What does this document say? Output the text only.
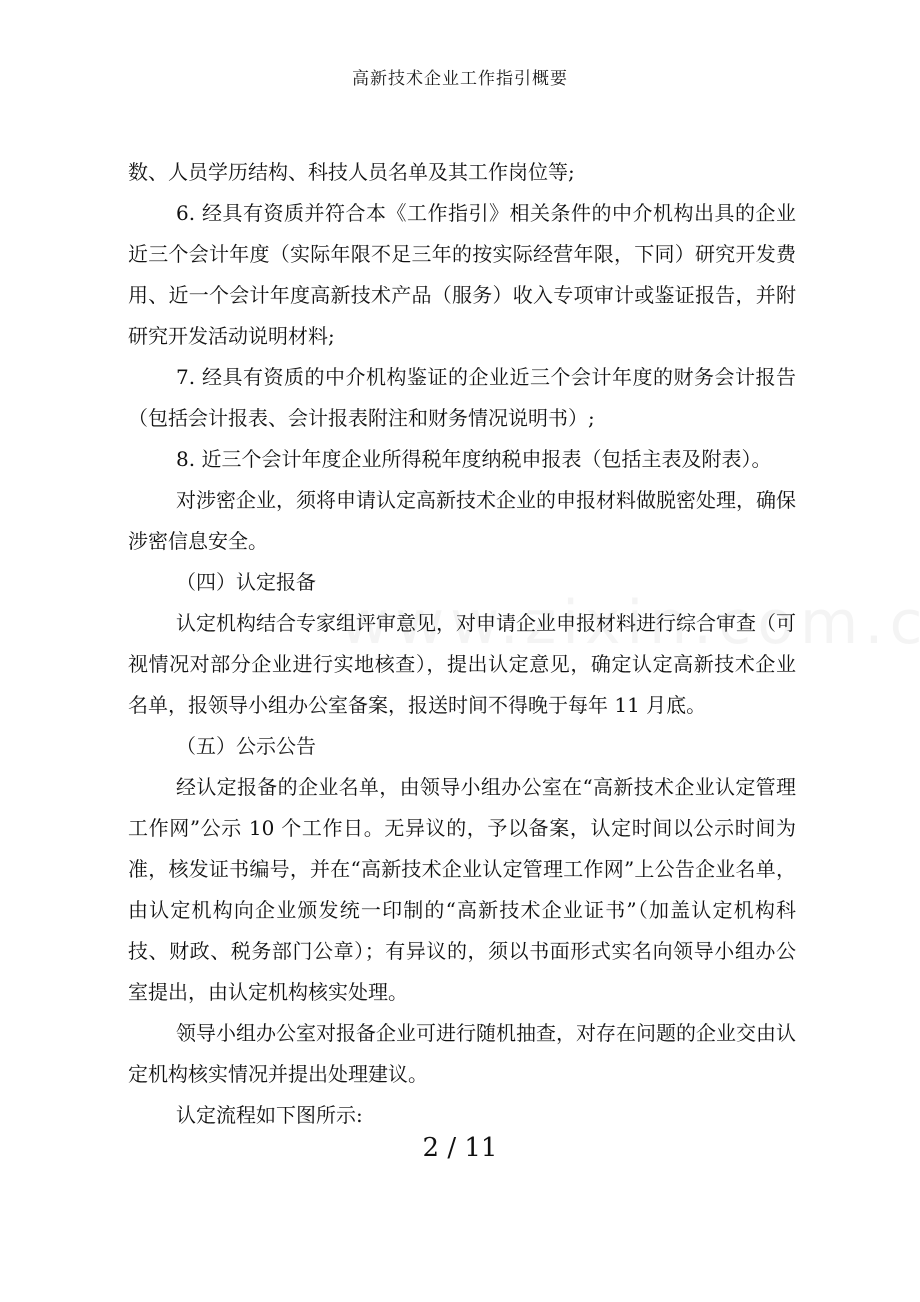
高新技术企业工作指引概要

数、人员学历结构、科技人员名单及其工作岗位等;

6. 经具有资质并符合本《工作指引》相关条件的中介机构出具的企业近三个会计年度（实际年限不足三年的按实际经营年限，下同）研究开发费用、近一个会计年度高新技术产品（服务）收入专项审计或鉴证报告，并附研究开发活动说明材料;

7. 经具有资质的中介机构鉴证的企业近三个会计年度的财务会计报告（包括会计报表、会计报表附注和财务情况说明书）;

8. 近三个会计年度企业所得税年度纳税申报表（包括主表及附表）。

对涉密企业，须将申请认定高新技术企业的申报材料做脱密处理，确保涉密信息安全。

（四）认定报备

认定机构结合专家组评审意见，对申请企业申报材料进行综合审查（可视情况对部分企业进行实地核查），提出认定意见，确定认定高新技术企业名单，报领导小组办公室备案，报送时间不得晚于每年 11 月底。

（五）公示公告

经认定报备的企业名单，由领导小组办公室在“高新技术企业认定管理工作网”公示 10 个工作日。无异议的，予以备案，认定时间以公示时间为准，核发证书编号，并在“高新技术企业认定管理工作网”上公告企业名单，由认定机构向企业颁发统一印制的“高新技术企业证书”（加盖认定机构科技、财政、税务部门公章）；有异议的，须以书面形式实名向领导小组办公室提出，由认定机构核实处理。

领导小组办公室对报备企业可进行随机抽查，对存在问题的企业交由认定机构核实情况并提出处理建议。

认定流程如下图所示:

2 / 11
